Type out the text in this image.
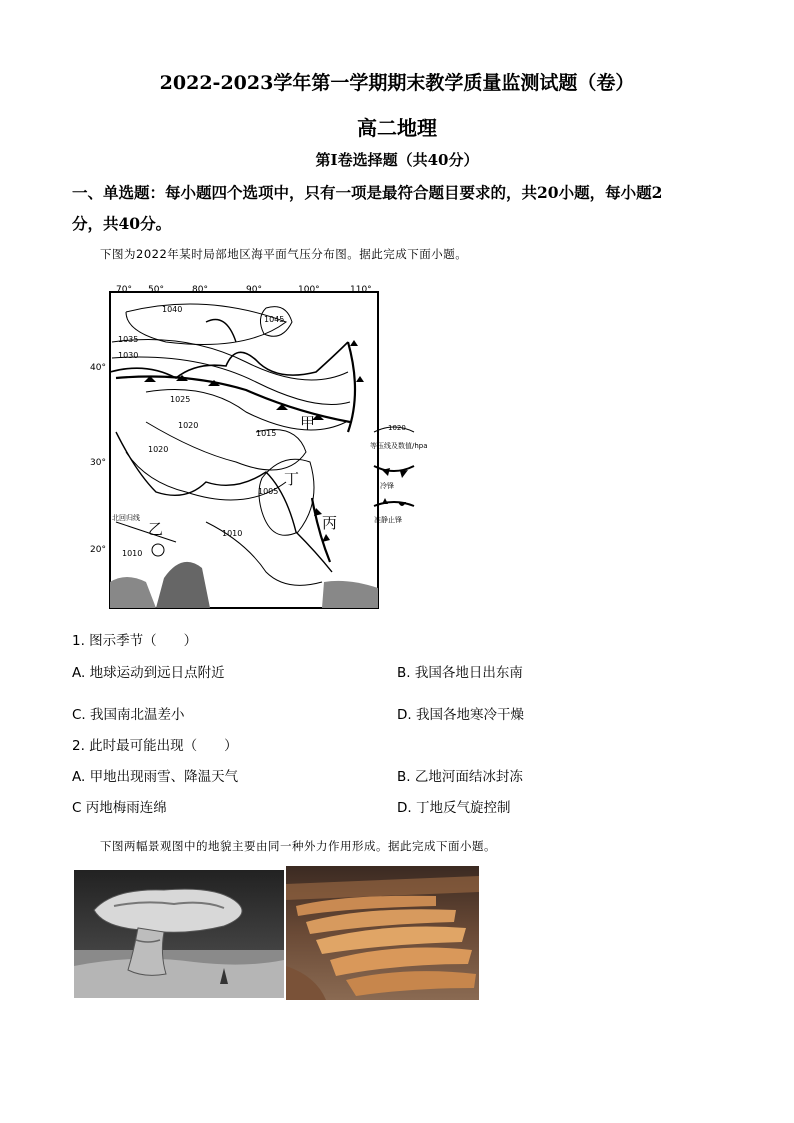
2022-2023学年第一学期期末教学质量监测试题（卷）
高二地理
第Ⅰ卷选择题（共40分）
一、单选题：每小题四个选项中，只有一项是最符合题目要求的，共20小题，每小题2
分，共40分。
下图为2022年某时局部地区海平面气压分布图。据此完成下面小题。
70° 50°	80°	90°	100°	110°
40°
30°
20°
1040
1045
1035
1030
1025
1020
1015
1020
1005
1010
1010
甲
乙	丙
丁
北回归线
1020
等压线及数值/hpa
冷锋
准静止锋
1. 图示季节（　　）
A. 地球运动到远日点附近	B. 我国各地日出东南
C. 我国南北温差小	D. 我国各地寒冷干燥
2. 此时最可能出现（　　）
A. 甲地出现雨雪、降温天气	B. 乙地河面结冰封冻
C 丙地梅雨连绵	D. 丁地反气旋控制
下图两幅景观图中的地貌主要由同一种外力作用形成。据此完成下面小题。
